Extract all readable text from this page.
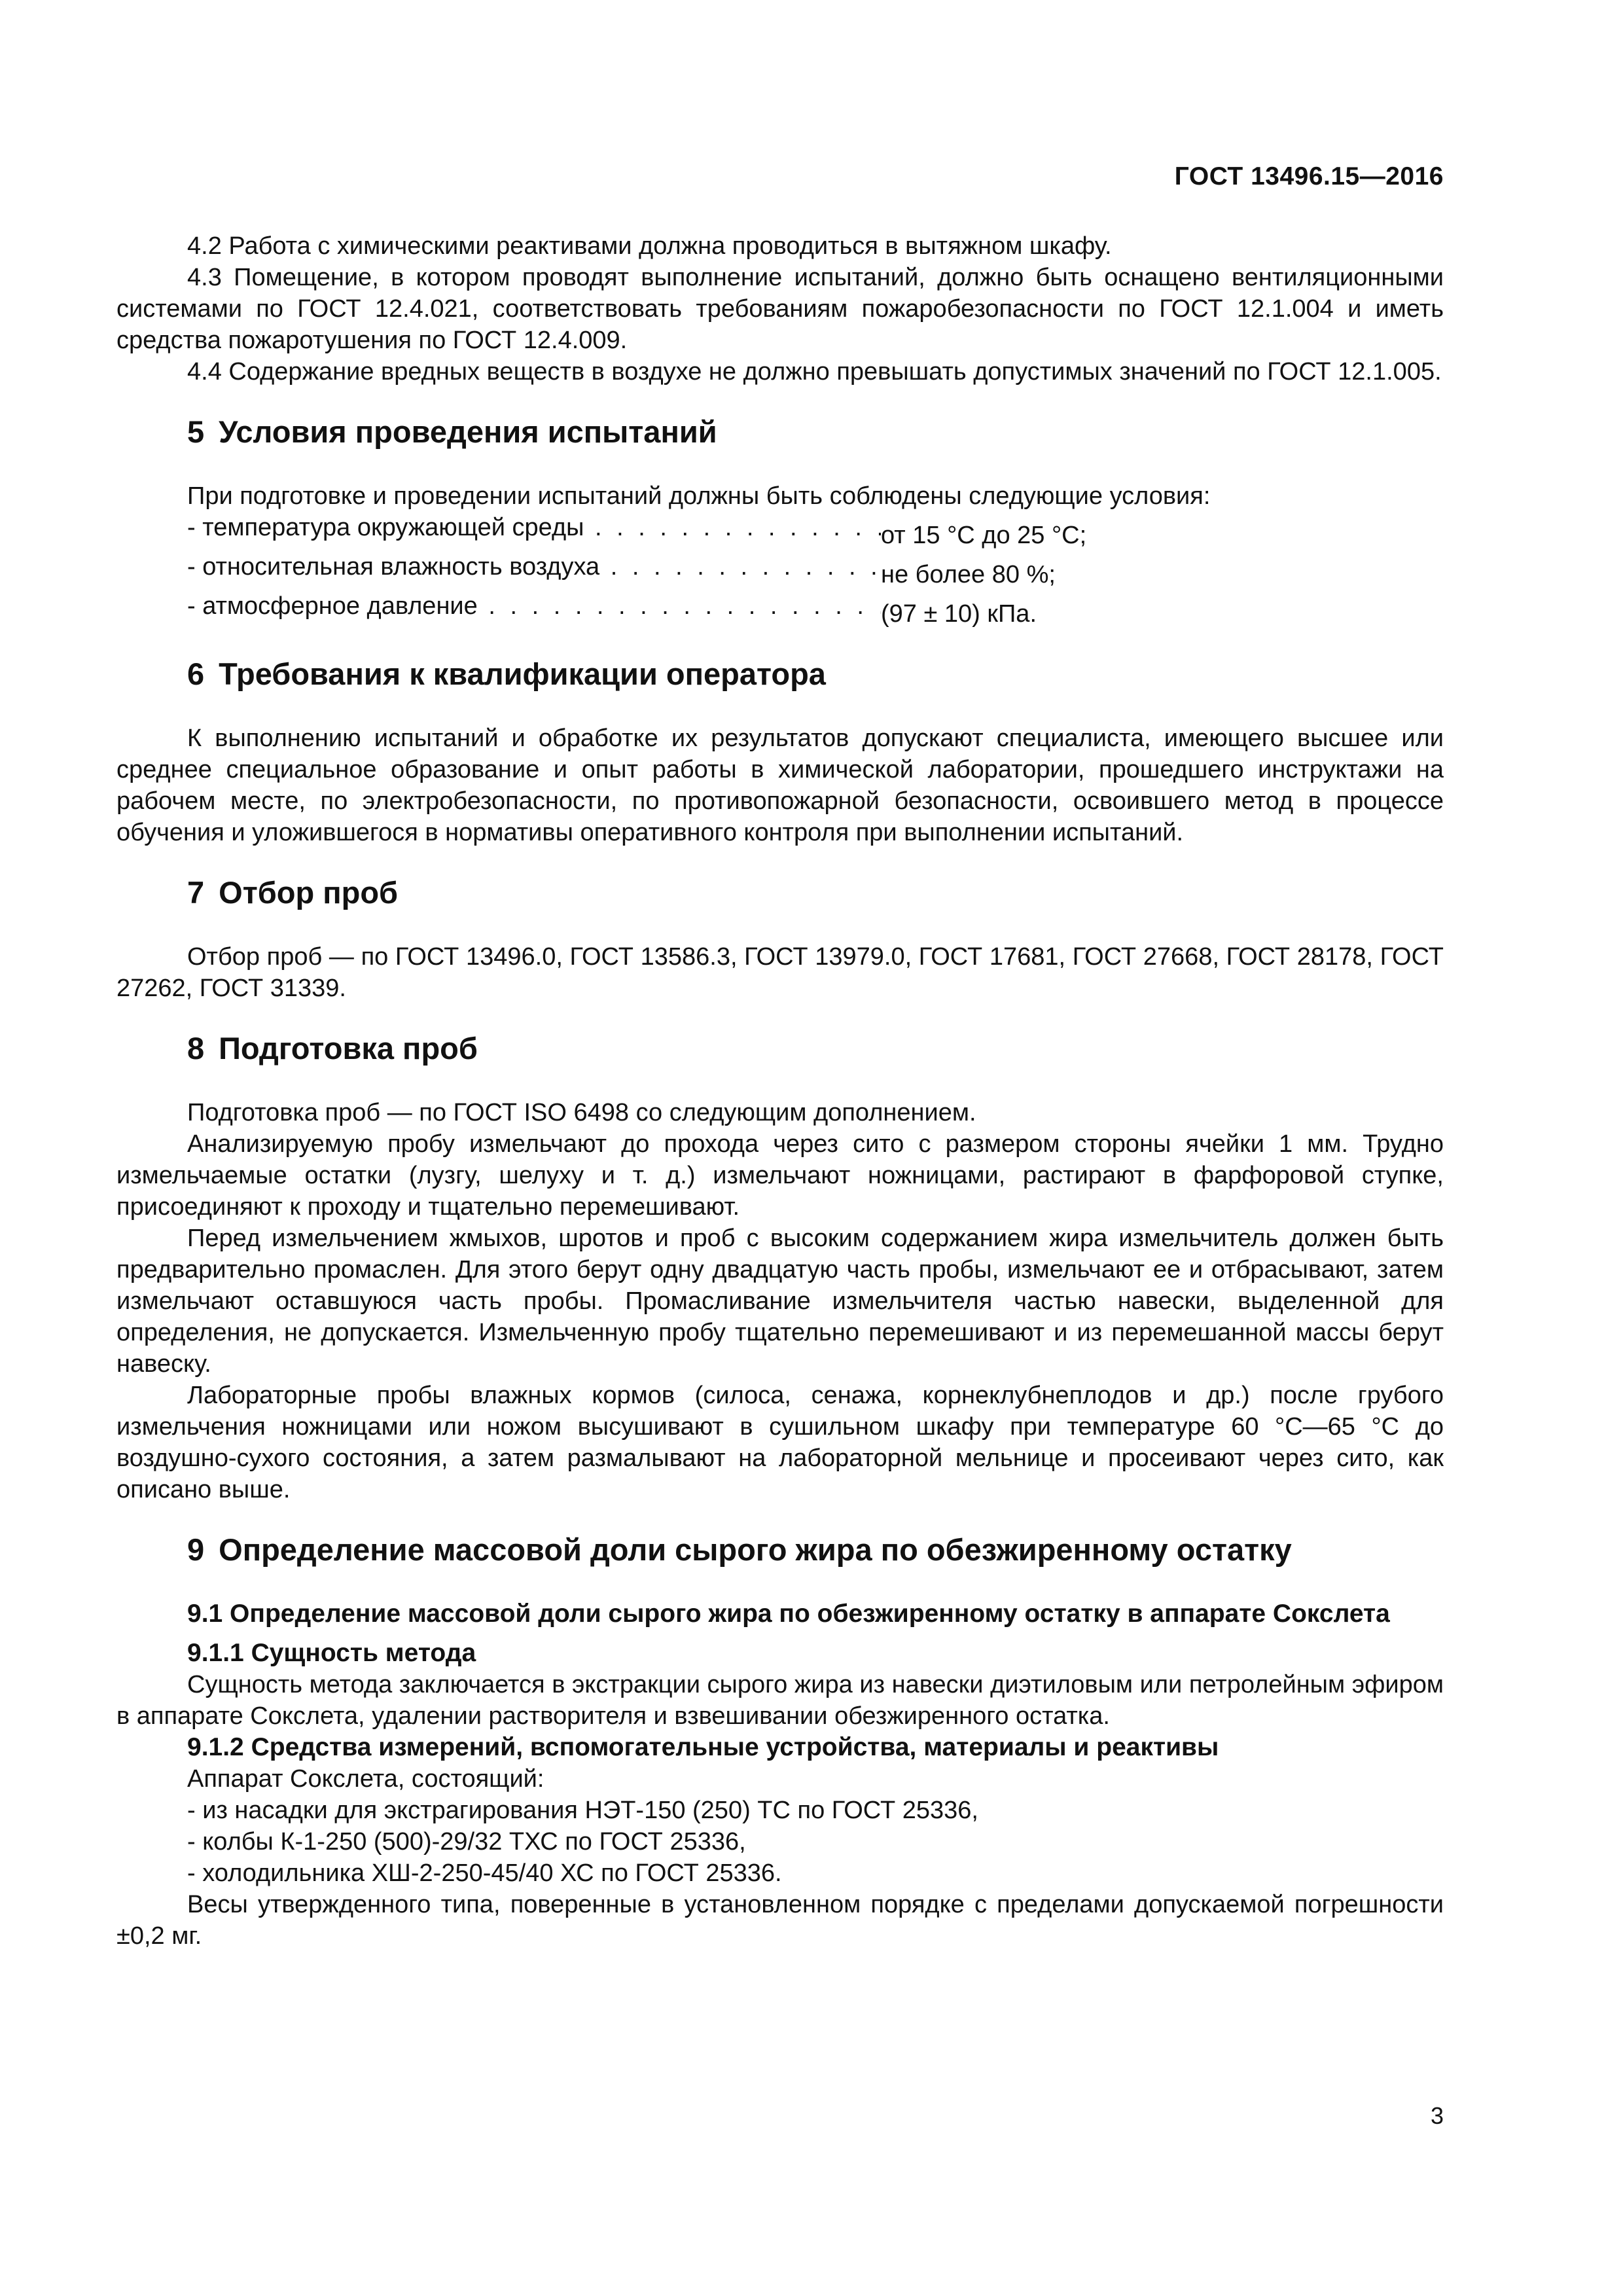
ГОСТ 13496.15—2016

4.2 Работа с химическими реактивами должна проводиться в вытяжном шкафу.

4.3 Помещение, в котором проводят выполнение испытаний, должно быть оснащено вентиляционными системами по ГОСТ 12.4.021, соответствовать требованиям пожаробезопасности по ГОСТ 12.1.004 и иметь средства пожаротушения по ГОСТ 12.4.009.

4.4 Содержание вредных веществ в воздухе не должно превышать допустимых значений по ГОСТ 12.1.005.

5 Условия проведения испытаний

При подготовке и проведении испытаний должны быть соблюдены следующие условия:

- температура окружающей среды . . .	от 15 °C до 25 °C;
- относительная влажность воздуха . . .	не более 80 %;
- атмосферное давление . . .	(97 ± 10) кПа.
6 Требования к квалификации оператора

К выполнению испытаний и обработке их результатов допускают специалиста, имеющего высшее или среднее специальное образование и опыт работы в химической лаборатории, прошедшего инструктажи на рабочем месте, по электробезопасности, по противопожарной безопасности, освоившего метод в процессе обучения и уложившегося в нормативы оперативного контроля при выполнении испытаний.

7 Отбор проб

Отбор проб — по ГОСТ 13496.0, ГОСТ 13586.3, ГОСТ 13979.0, ГОСТ 17681, ГОСТ 27668, ГОСТ 28178, ГОСТ 27262, ГОСТ 31339.

8 Подготовка проб

Подготовка проб — по ГОСТ ISO 6498 со следующим дополнением.

Анализируемую пробу измельчают до прохода через сито с размером стороны ячейки 1 мм. Трудно измельчаемые остатки (лузгу, шелуху и т. д.) измельчают ножницами, растирают в фарфоровой ступке, присоединяют к проходу и тщательно перемешивают.

Перед измельчением жмыхов, шротов и проб с высоким содержанием жира измельчитель должен быть предварительно промаслен. Для этого берут одну двадцатую часть пробы, измельчают ее и отбрасывают, затем измельчают оставшуюся часть пробы. Промасливание измельчителя частью навески, выделенной для определения, не допускается. Измельченную пробу тщательно перемешивают и из перемешанной массы берут навеску.

Лабораторные пробы влажных кормов (силоса, сенажа, корнеклубнеплодов и др.) после грубого измельчения ножницами или ножом высушивают в сушильном шкафу при температуре 60 °C—65 °C до воздушно-сухого состояния, а затем размалывают на лабораторной мельнице и просеивают через сито, как описано выше.

9 Определение массовой доли сырого жира по обезжиренному остатку
9.1 Определение массовой доли сырого жира по обезжиренному остатку в аппарате Сокслета
9.1.1 Сущность метода

Сущность метода заключается в экстракции сырого жира из навески диэтиловым или петролейным эфиром в аппарате Сокслета, удалении растворителя и взвешивании обезжиренного остатка.

9.1.2 Средства измерений, вспомогательные устройства, материалы и реактивы

Аппарат Сокслета, состоящий:

- из насадки для экстрагирования НЭТ-150 (250) ТС по ГОСТ 25336,
- колбы К-1-250 (500)-29/32 ТХС по ГОСТ 25336,
- холодильника ХШ-2-250-45/40 ХС по ГОСТ 25336.

Весы утвержденного типа, поверенные в установленном порядке с пределами допускаемой погрешности ±0,2 мг.

3
